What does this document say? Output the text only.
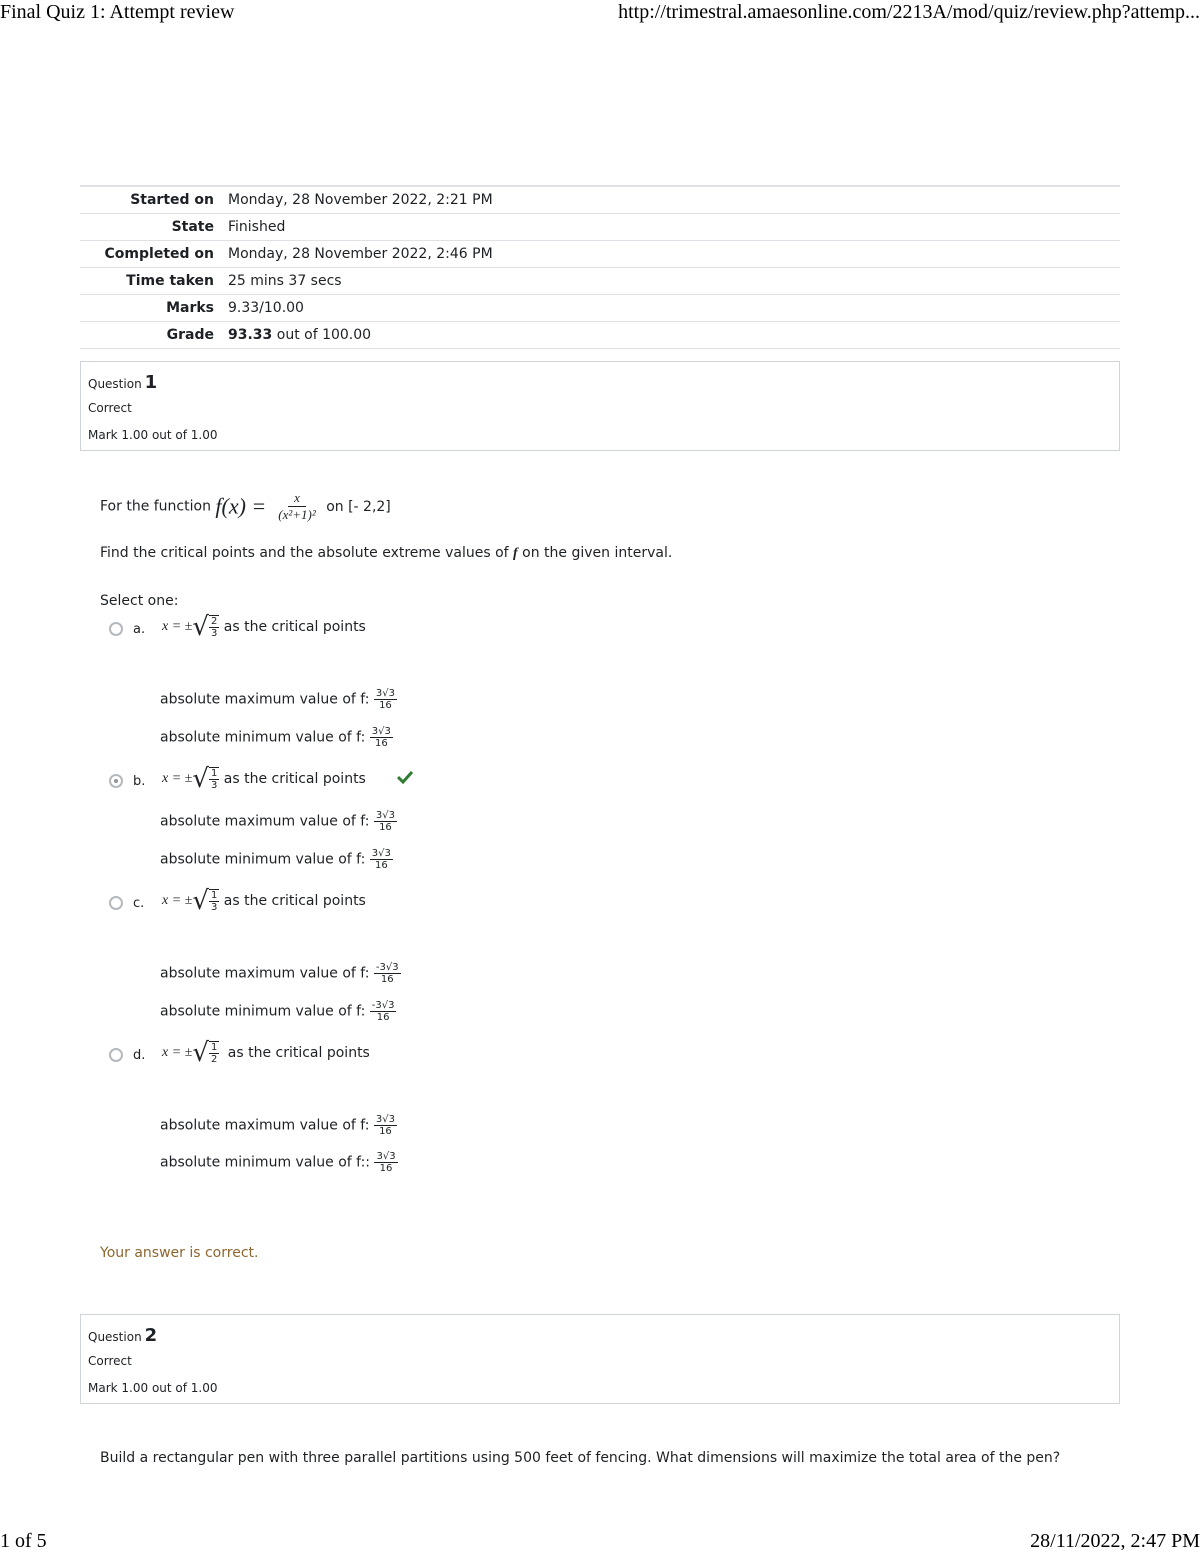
Final Quiz 1: Attempt review	http://trimestral.amaesonline.com/2213A/mod/quiz/review.php?attemp...
Started on	Monday, 28 November 2022, 2:21 PM
State	Finished
Completed on	Monday, 28 November 2022, 2:46 PM
Time taken	25 mins 37 secs
Marks	9.33/10.00
Grade	93.33 out of 100.00
Question 1
Correct
Mark 1.00 out of 1.00
For the function $f(x) = \frac{x}{\text{(x²+1)²}}$ on [- 2,2]
Find the critical points and the absolute extreme values of f on the given interval.
Select one:
a. x = ± √ $\frac{2}{3}$ as the critical points
absolute maximum value of f: $\frac{3√3}{16}$
absolute minimum value of f: $\frac{3√3}{16}$
b. x = ± √ $\frac{1}{3}$ as the critical points
absolute maximum value of f: $\frac{3√3}{16}$
absolute minimum value of f: $\frac{3√3}{16}$
c. x = ± √ $\frac{1}{3}$ as the critical points
absolute maximum value of f: $\frac{-3√3}{16}$
absolute minimum value of f: $\frac{-3√3}{16}$
d. x = ± √ $\frac{1}{2}$ as the critical points
absolute maximum value of f: $\frac{3√3}{16}$
absolute minimum value of f:: $\frac{3√3}{16}$
Your answer is correct.
Question 2
Correct
Mark 1.00 out of 1.00
Build a rectangular pen with three parallel partitions using 500 feet of fencing. What dimensions will maximize the total area of the pen?
1 of 5	28/11/2022, 2:47 PM
